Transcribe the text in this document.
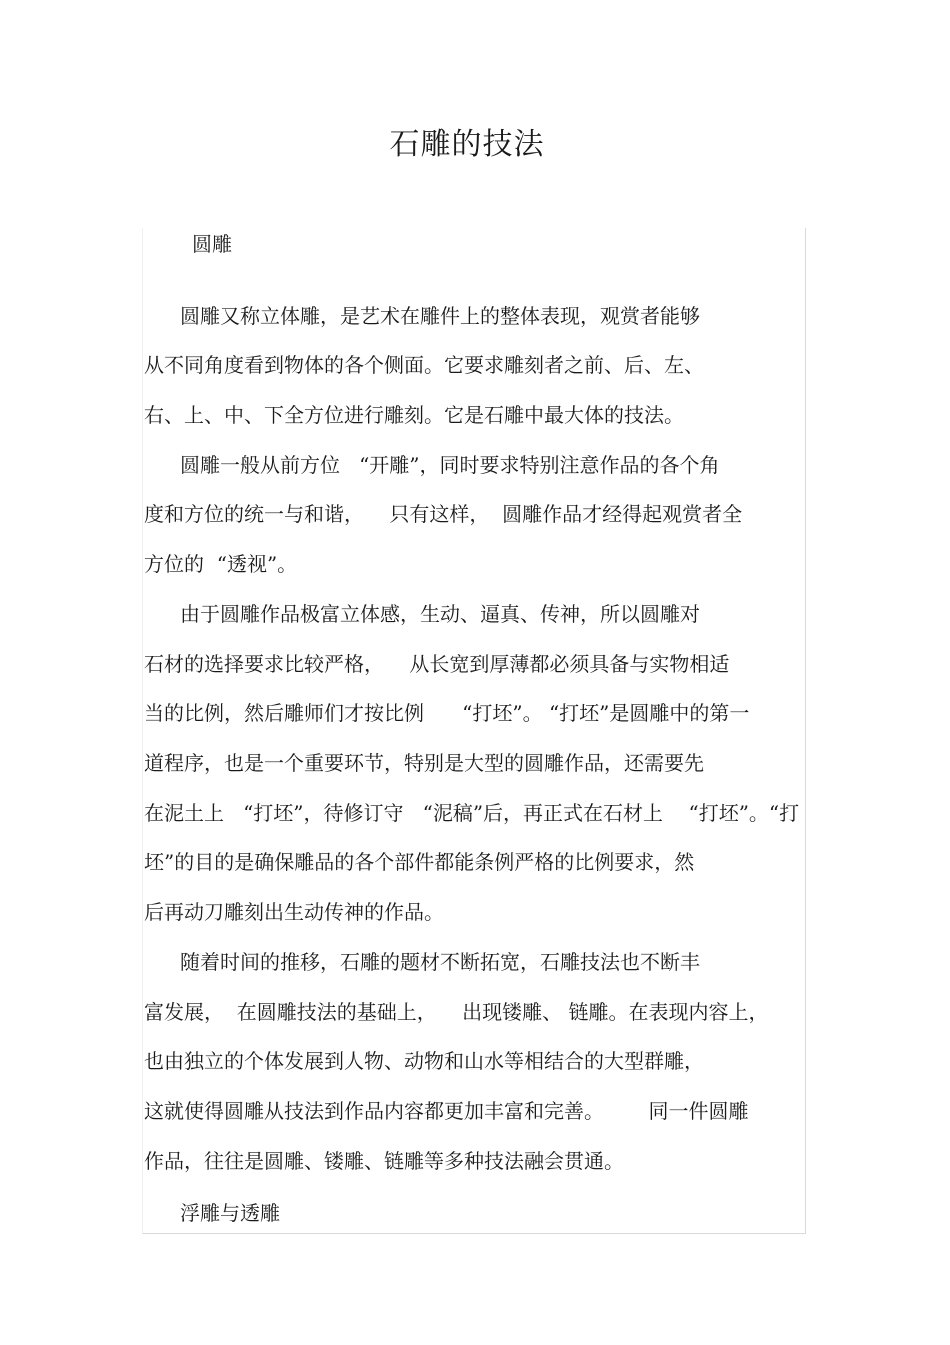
石雕的技法

圆雕

圆雕又称立体雕，是艺术在雕件上的整体表现，观赏者能够

从不同角度看到物体的各个侧面。它要求雕刻者之前、后、左、

右、上、中、下全方位进行雕刻。它是石雕中最大体的技法。

圆雕一般从前方位   “开雕”，同时要求特别注意作品的各个角

度和方位的统一与和谐，    只有这样，  圆雕作品才经得起观赏者全

方位的  “透视”。

由于圆雕作品极富立体感，生动、逼真、传神，所以圆雕对

石材的选择要求比较严格，    从长宽到厚薄都必须具备与实物相适

当的比例，然后雕师们才按比例      “打坯”。 “打坯”是圆雕中的第一

道程序，也是一个重要环节，特别是大型的圆雕作品，还需要先

在泥土上   “打坯”，待修订守   “泥稿”后，再正式在石材上    “打坯”。“打

坯”的目的是确保雕品的各个部件都能条例严格的比例要求，然

后再动刀雕刻出生动传神的作品。

随着时间的推移，石雕的题材不断拓宽，石雕技法也不断丰

富发展，  在圆雕技法的基础上，    出现镂雕、 链雕。在表现内容上，

也由独立的个体发展到人物、动物和山水等相结合的大型群雕，

这就使得圆雕从技法到作品内容都更加丰富和完善。       同一件圆雕

作品，往往是圆雕、镂雕、链雕等多种技法融会贯通。

浮雕与透雕
